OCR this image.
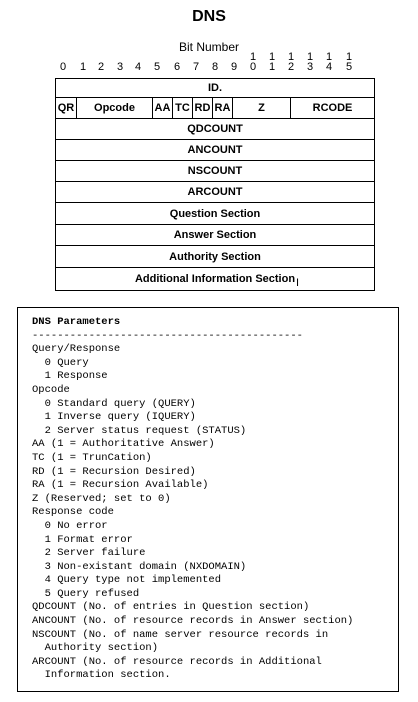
DNS
Bit Number
0	1	2	3	4	5	6	7	8	9
1
0
1
1
1
2
1
3
1
4
1
5
ID.
QR	Opcode	AA TC RD RA	Z	RCODE
QDCOUNT
ANCOUNT
NSCOUNT
ARCOUNT
Question Section
Answer Section
Authority Section
Additional Information Section I
DNS Parameters
-------------------------------------------
Query/Response
0 Query
1 Response
Opcode
0 Standard query (QUERY)
1 Inverse query (IQUERY)
2 Server status request (STATUS)
AA (1 = Authoritative Answer)
TC (1 = TrunCation)
RD (1 = Recursion Desired)
RA (1 = Recursion Available)
Z (Reserved; set to 0)
Response code
0 No error
1 Format error
2 Server failure
3 Non-existant domain (NXDOMAIN)
4 Query type not implemented
5 Query refused
QDCOUNT (No. of entries in Question section)
ANCOUNT (No. of resource records in Answer section)
NSCOUNT (No. of name server resource records in
Authority section)
ARCOUNT (No. of resource records in Additional
Information section.
